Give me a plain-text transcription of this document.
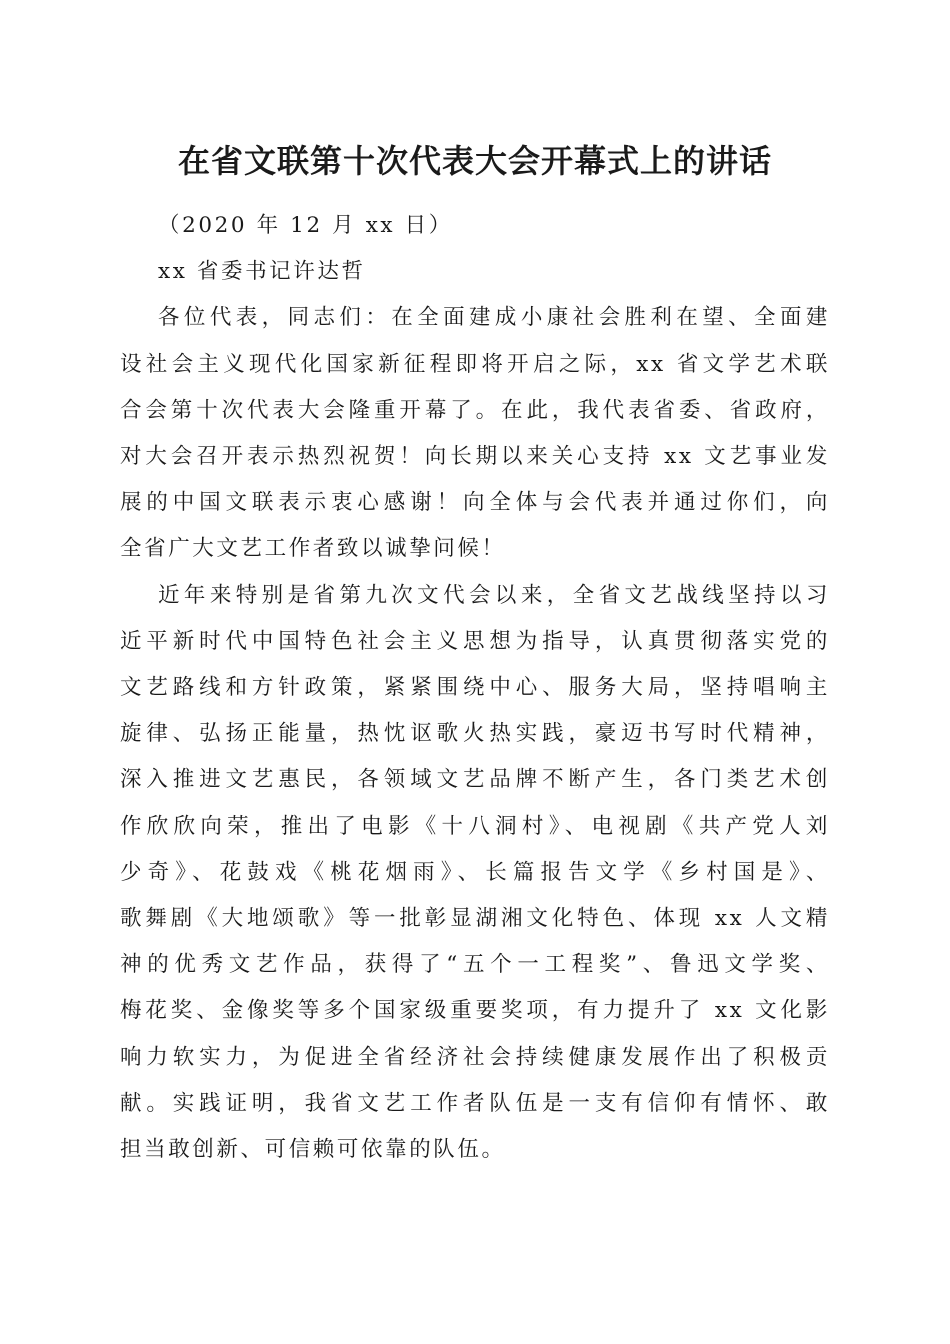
在省文联第十次代表大会开幕式上的讲话
（2020 年 12 月 xx 日）
xx 省委书记许达哲
各位代表，同志们：在全面建成小康社会胜利在望、全面建
设社会主义现代化国家新征程即将开启之际，xx 省文学艺术联
合会第十次代表大会隆重开幕了。在此，我代表省委、省政府，
对大会召开表示热烈祝贺！向长期以来关心支持 xx 文艺事业发
展的中国文联表示衷心感谢！向全体与会代表并通过你们，向
全省广大文艺工作者致以诚挚问候！
近年来特别是省第九次文代会以来，全省文艺战线坚持以习
近平新时代中国特色社会主义思想为指导，认真贯彻落实党的
文艺路线和方针政策，紧紧围绕中心、服务大局，坚持唱响主
旋律、弘扬正能量，热忱讴歌火热实践，豪迈书写时代精神，
深入推进文艺惠民，各领域文艺品牌不断产生，各门类艺术创
作欣欣向荣，推出了电影《十八洞村》、电视剧《共产党人刘
少奇》、花鼓戏《桃花烟雨》、长篇报告文学《乡村国是》、
歌舞剧《大地颂歌》等一批彰显湖湘文化特色、体现 xx 人文精
神的优秀文艺作品，获得了“五个一工程奖”、鲁迅文学奖、
梅花奖、金像奖等多个国家级重要奖项，有力提升了 xx 文化影
响力软实力，为促进全省经济社会持续健康发展作出了积极贡
献。实践证明，我省文艺工作者队伍是一支有信仰有情怀、敢
担当敢创新、可信赖可依靠的队伍。
